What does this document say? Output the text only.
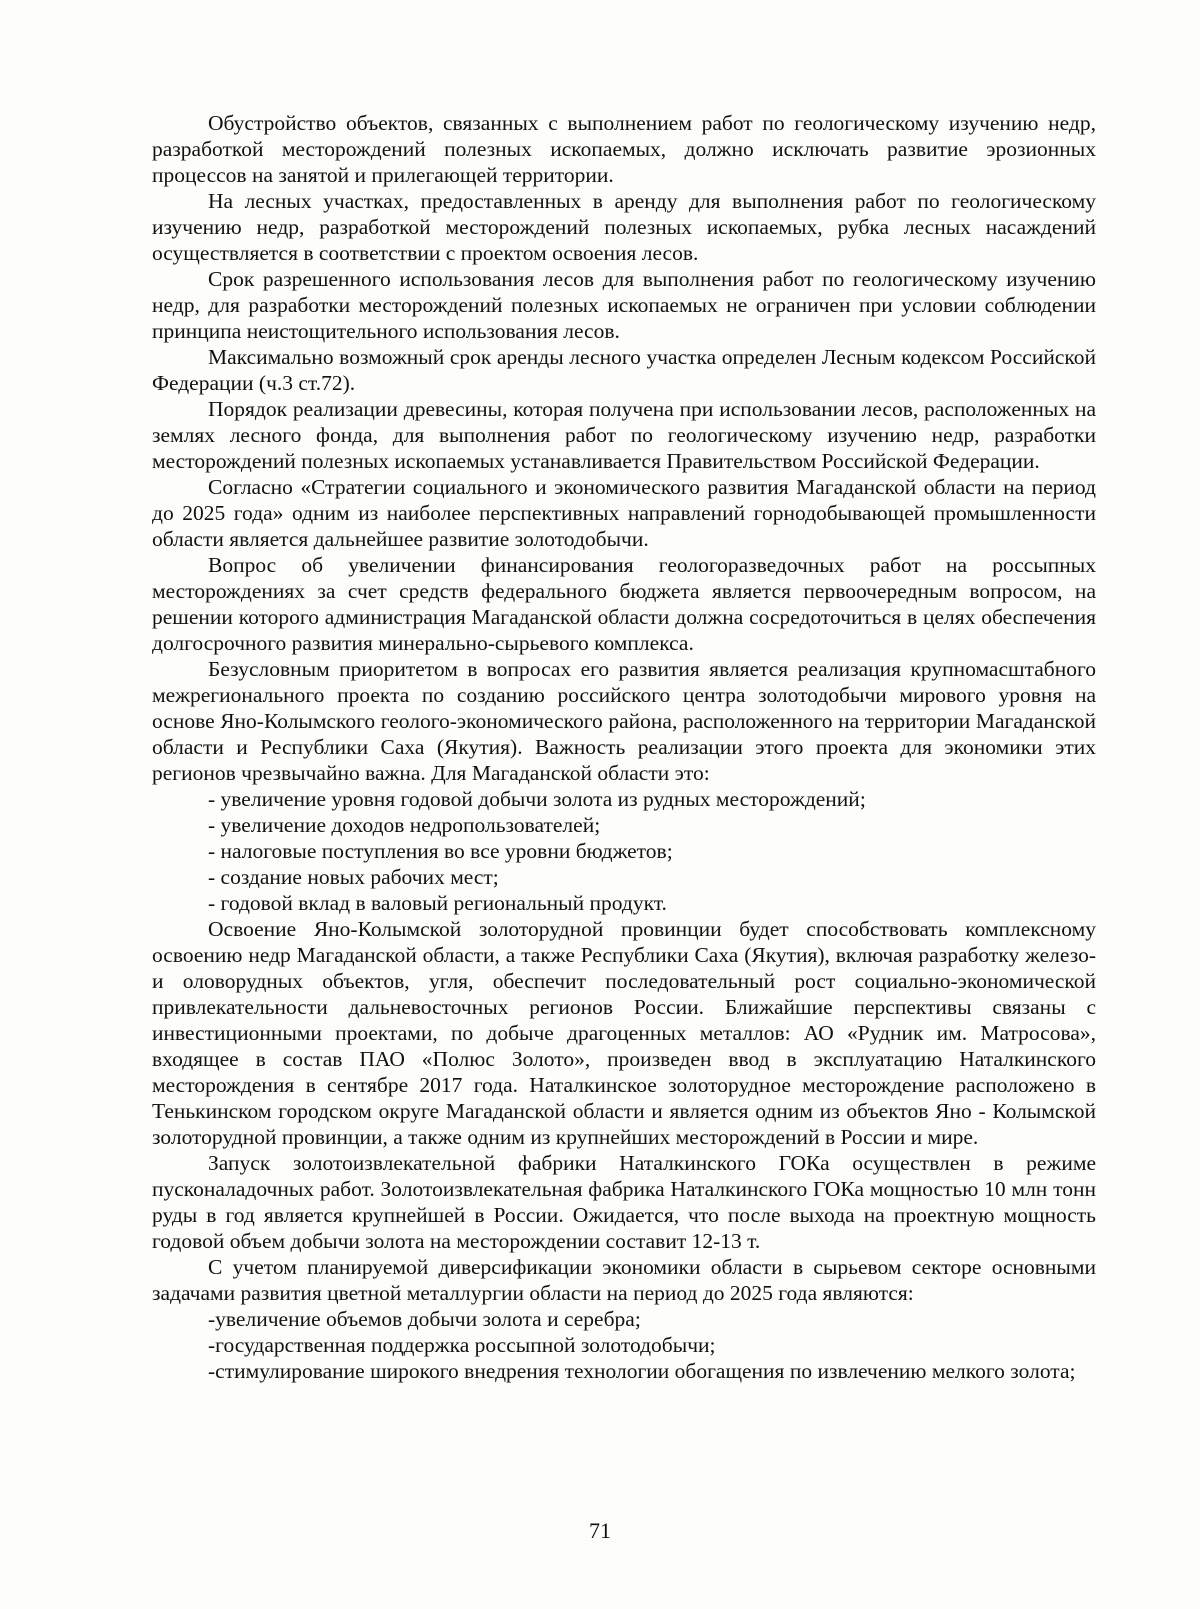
Обустройство объектов, связанных с выполнением работ по геологическому изучению недр, разработкой месторождений полезных ископаемых, должно исключать развитие эрозионных процессов на занятой и прилегающей территории.

На лесных участках, предоставленных в аренду для выполнения работ по геологическому изучению недр, разработкой месторождений полезных ископаемых, рубка лесных насаждений осуществляется в соответствии с проектом освоения лесов.

Срок разрешенного использования лесов для выполнения работ по геологическому изучению недр, для разработки месторождений полезных ископаемых не ограничен при условии соблюдении принципа неистощительного использования лесов.

Максимально возможный срок аренды лесного участка определен Лесным кодексом Российской Федерации (ч.3 ст.72).

Порядок реализации древесины, которая получена при использовании лесов, расположенных на землях лесного фонда, для выполнения работ по геологическому изучению недр, разработки месторождений полезных ископаемых устанавливается Правительством Российской Федерации.

Согласно «Стратегии социального и экономического развития Магаданской области на период до 2025 года» одним из наиболее перспективных направлений горнодобывающей промышленности области является дальнейшее развитие золотодобычи.

Вопрос об увеличении финансирования геологоразведочных работ на россыпных месторождениях за счет средств федерального бюджета является первоочередным вопросом, на решении которого администрация Магаданской области должна сосредоточиться в целях обеспечения долгосрочного развития минерально-сырьевого комплекса.

Безусловным приоритетом в вопросах его развития является реализация крупномасштабного межрегионального проекта по созданию российского центра золотодобычи мирового уровня на основе Яно-Колымского геолого-экономического района, расположенного на территории Магаданской области и Республики Саха (Якутия). Важность реализации этого проекта для экономики этих регионов чрезвычайно важна. Для Магаданской области это:

- увеличение уровня годовой добычи золота из рудных месторождений;

- увеличение доходов недропользователей;

- налоговые поступления во все уровни бюджетов;

- создание новых рабочих мест;

- годовой вклад в валовый региональный продукт.

Освоение Яно-Колымской золоторудной провинции будет способствовать комплексному освоению недр Магаданской области, а также Республики Саха (Якутия), включая разработку железо- и оловорудных объектов, угля, обеспечит последовательный рост социально-экономической привлекательности дальневосточных регионов России. Ближайшие перспективы связаны с инвестиционными проектами, по добыче драгоценных металлов: АО «Рудник им. Матросова», входящее в состав ПАО «Полюс Золото», произведен ввод в эксплуатацию Наталкинского месторождения в сентябре 2017 года. Наталкинское золоторудное месторождение расположено в Тенькинском городском округе Магаданской области и является одним из объектов Яно - Колымской золоторудной провинции, а также одним из крупнейших месторождений в России и мире.

Запуск золотоизвлекательной фабрики Наталкинского ГОКа осуществлен в режиме пусконаладочных работ. Золотоизвлекательная фабрика Наталкинского ГОКа мощностью 10 млн тонн руды в год является крупнейшей в России. Ожидается, что после выхода на проектную мощность годовой объем добычи золота на месторождении составит 12-13 т.

С учетом планируемой диверсификации экономики области в сырьевом секторе основными задачами развития цветной металлургии области на период до 2025 года являются:

-увеличение объемов добычи золота и серебра;

-государственная поддержка россыпной золотодобычи;

-стимулирование широкого внедрения технологии обогащения по извлечению мелкого золота;

71
